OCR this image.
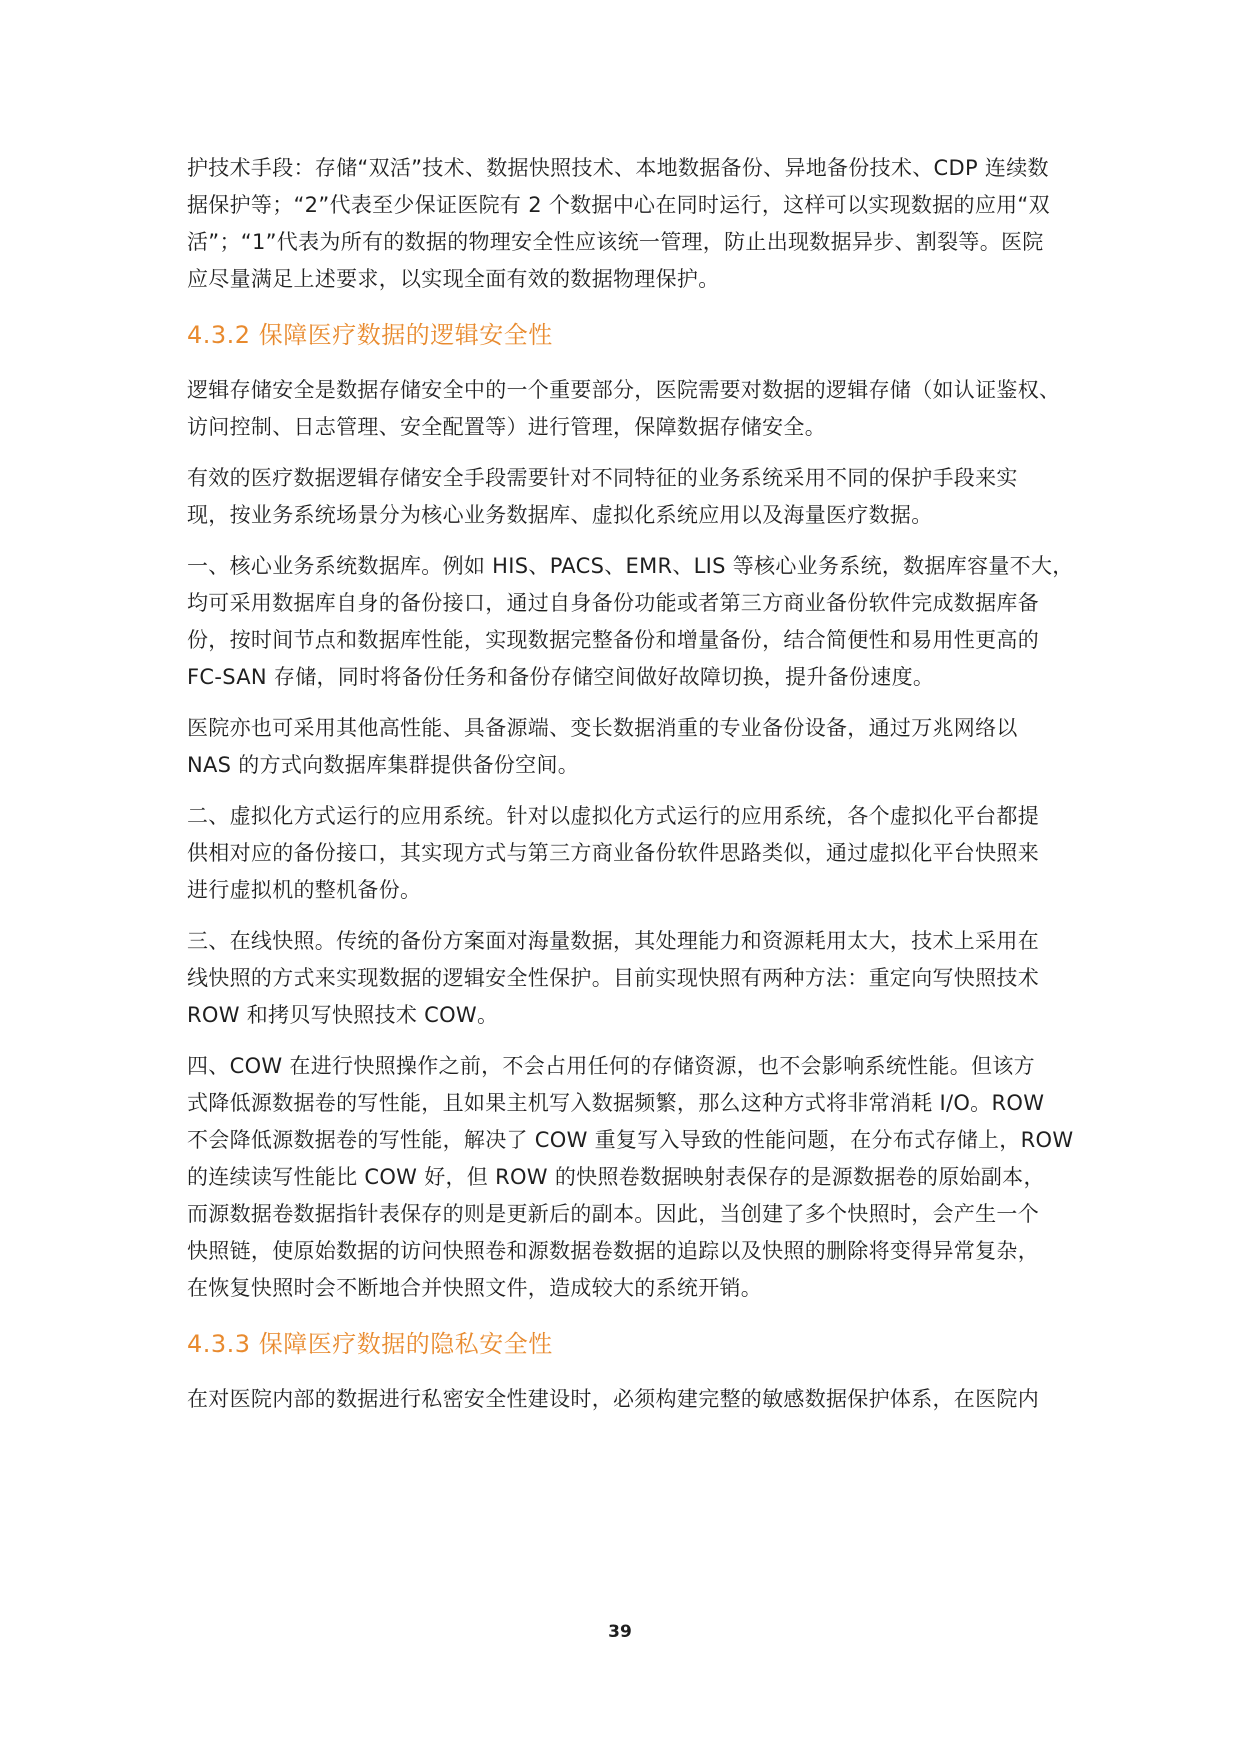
护技术手段：存储“双活”技术、数据快照技术、本地数据备份、异地备份技术、CDP 连续数
据保护等；“2”代表至少保证医院有 2 个数据中心在同时运行，这样可以实现数据的应用“双
活”；“1”代表为所有的数据的物理安全性应该统一管理，防止出现数据异步、割裂等。医院
应尽量满足上述要求，以实现全面有效的数据物理保护。

4.3.2 保障医疗数据的逻辑安全性

逻辑存储安全是数据存储安全中的一个重要部分，医院需要对数据的逻辑存储（如认证鉴权、
访问控制、日志管理、安全配置等）进行管理，保障数据存储安全。

有效的医疗数据逻辑存储安全手段需要针对不同特征的业务系统采用不同的保护手段来实
现，按业务系统场景分为核心业务数据库、虚拟化系统应用以及海量医疗数据。

一、核心业务系统数据库。例如 HIS、PACS、EMR、LIS 等核心业务系统，数据库容量不大，
均可采用数据库自身的备份接口，通过自身备份功能或者第三方商业备份软件完成数据库备
份，按时间节点和数据库性能，实现数据完整备份和增量备份，结合简便性和易用性更高的
FC-SAN 存储，同时将备份任务和备份存储空间做好故障切换，提升备份速度。

医院亦也可采用其他高性能、具备源端、变长数据消重的专业备份设备，通过万兆网络以
NAS 的方式向数据库集群提供备份空间。

二、虚拟化方式运行的应用系统。针对以虚拟化方式运行的应用系统，各个虚拟化平台都提
供相对应的备份接口，其实现方式与第三方商业备份软件思路类似，通过虚拟化平台快照来
进行虚拟机的整机备份。

三、在线快照。传统的备份方案面对海量数据，其处理能力和资源耗用太大，技术上采用在
线快照的方式来实现数据的逻辑安全性保护。目前实现快照有两种方法：重定向写快照技术
ROW 和拷贝写快照技术 COW。

四、COW 在进行快照操作之前，不会占用任何的存储资源，也不会影响系统性能。但该方
式降低源数据卷的写性能，且如果主机写入数据频繁，那么这种方式将非常消耗 I/O。ROW
不会降低源数据卷的写性能，解决了 COW 重复写入导致的性能问题，在分布式存储上，ROW
的连续读写性能比 COW 好，但 ROW 的快照卷数据映射表保存的是源数据卷的原始副本，
而源数据卷数据指针表保存的则是更新后的副本。因此，当创建了多个快照时，会产生一个
快照链，使原始数据的访问快照卷和源数据卷数据的追踪以及快照的删除将变得异常复杂，
在恢复快照时会不断地合并快照文件，造成较大的系统开销。

4.3.3 保障医疗数据的隐私安全性

在对医院内部的数据进行私密安全性建设时，必须构建完整的敏感数据保护体系，在医院内

39
